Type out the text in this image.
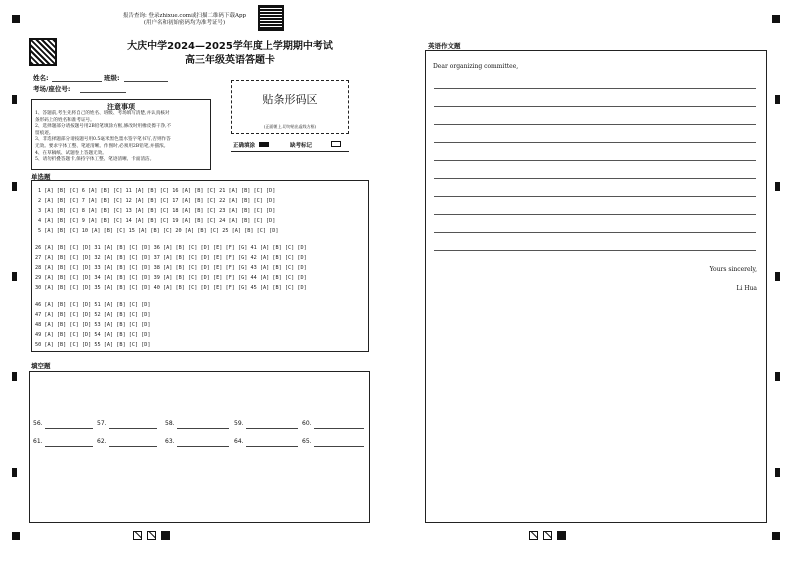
报告查询: 登录zhixue.com或扫描二维码下载App
(用户名和初始密码均为准考证号)
大庆中学2024—2025学年度上学期期中考试
高三年级英语答题卡
姓名:	班级:
考场/座位号:
贴条形码区
(正面朝上,切勿贴出虚线方框)
正确填涂	缺考标记
注意事项
1、答题前,考生先将自己的姓名、班级、考场填写清楚,并认真核对
条形码上的姓名和准考证号。
2、选择题部分请按题号用2B铅笔填涂方框,修改时用橡皮擦干净,不
留痕迹。
3、非选择题部分请按题号用0.5毫米黑色墨水签字笔书写,否则作答
无效。要求字体工整、笔迹清晰。作图时,必须用2B铅笔,并描浓。
4、在草稿纸、试题卷上答题无效。
5、请勿折叠答题卡,保持字体工整、笔迹清晰、卡面清洁。
单选题
1 [A] [B] [C] 6 [A] [B] [C] 11 [A] [B] [C] 16 [A] [B] [C] 21 [A] [B] [C] [D]
2 [A] [B] [C] 7 [A] [B] [C] 12 [A] [B] [C] 17 [A] [B] [C] 22 [A] [B] [C] [D]
3 [A] [B] [C] 8 [A] [B] [C] 13 [A] [B] [C] 18 [A] [B] [C] 23 [A] [B] [C] [D]
4 [A] [B] [C] 9 [A] [B] [C] 14 [A] [B] [C] 19 [A] [B] [C] 24 [A] [B] [C] [D]
5 [A] [B] [C] 10 [A] [B] [C] 15 [A] [B] [C] 20 [A] [B] [C] 25 [A] [B] [C] [D]
26 [A] [B] [C] [D] 31 [A] [B] [C] [D] 36 [A] [B] [C] [D] [E] [F] [G] 41 [A] [B] [C] [D]
27 [A] [B] [C] [D] 32 [A] [B] [C] [D] 37 [A] [B] [C] [D] [E] [F] [G] 42 [A] [B] [C] [D]
28 [A] [B] [C] [D] 33 [A] [B] [C] [D] 38 [A] [B] [C] [D] [E] [F] [G] 43 [A] [B] [C] [D]
29 [A] [B] [C] [D] 34 [A] [B] [C] [D] 39 [A] [B] [C] [D] [E] [F] [G] 44 [A] [B] [C] [D]
30 [A] [B] [C] [D] 35 [A] [B] [C] [D] 40 [A] [B] [C] [D] [E] [F] [G] 45 [A] [B] [C] [D]
46 [A] [B] [C] [D] 51 [A] [B] [C] [D]
47 [A] [B] [C] [D] 52 [A] [B] [C] [D]
48 [A] [B] [C] [D] 53 [A] [B] [C] [D]
49 [A] [B] [C] [D] 54 [A] [B] [C] [D]
50 [A] [B] [C] [D] 55 [A] [B] [C] [D]
填空题
56.	57.	58.	59.	60.
61.	62.	63.	64.	65.
英语作文题
Dear organizing committee,
Yours sincerely,
Li Hua
